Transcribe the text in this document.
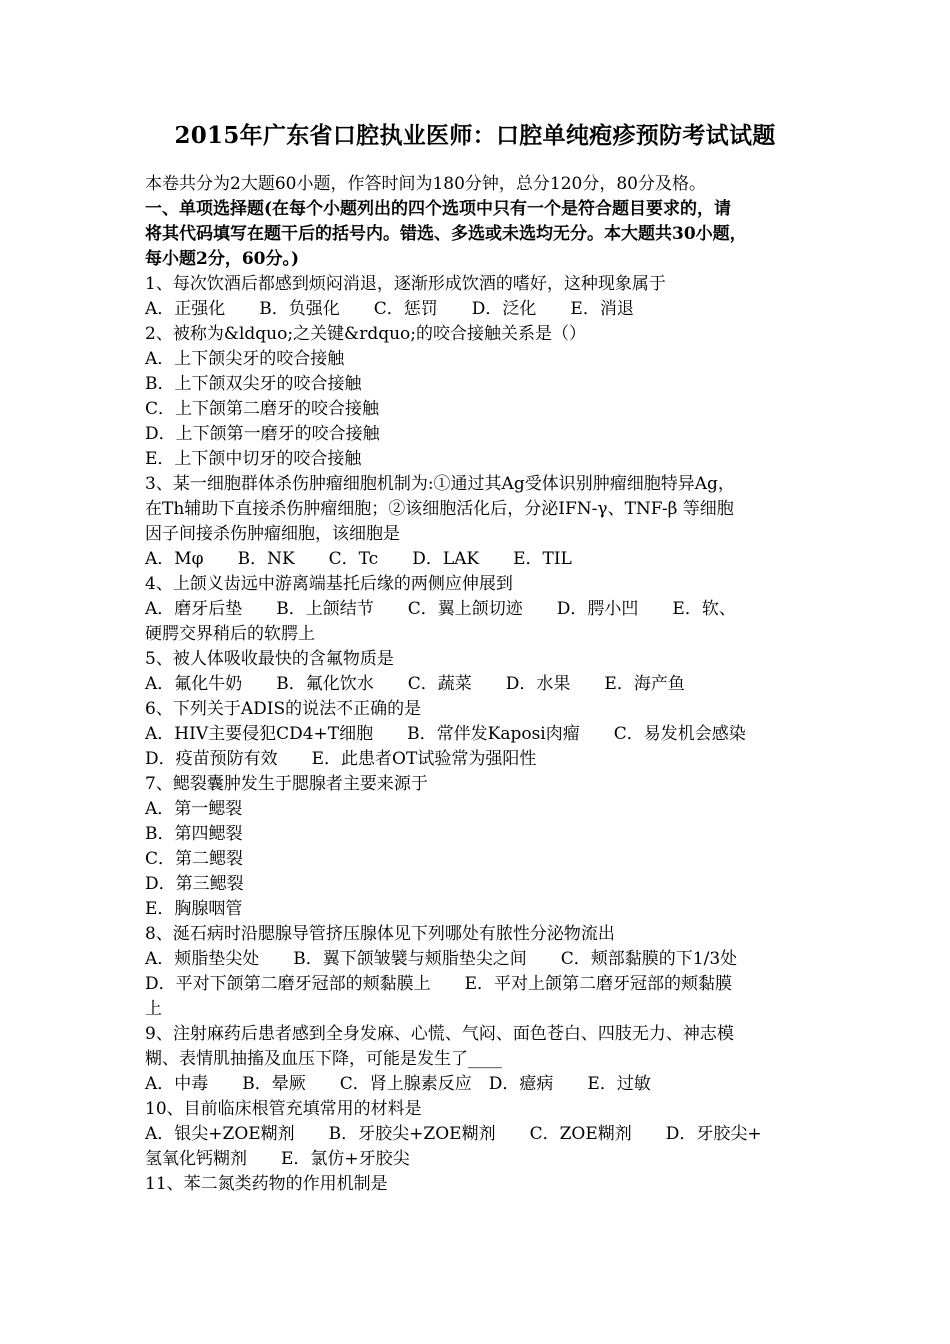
2015年广东省口腔执业医师：口腔单纯疱疹预防考试试题
本卷共分为2大题60小题，作答时间为180分钟，总分120分，80分及格。
一、单项选择题(在每个小题列出的四个选项中只有一个是符合题目要求的，请
将其代码填写在题干后的括号内。错选、多选或未选均无分。本大题共30小题，
每小题2分，60分。)
1、每次饮酒后都感到烦闷消退，逐渐形成饮酒的嗜好，这种现象属于
A．正强化　　B．负强化　　C．惩罚　　D．泛化　　E．消退
2、被称为&ldquo;之关键&rdquo;的咬合接触关系是（）
A．上下颌尖牙的咬合接触
B．上下颌双尖牙的咬合接触
C．上下颌第二磨牙的咬合接触
D．上下颌第一磨牙的咬合接触
E．上下颌中切牙的咬合接触
3、某一细胞群体杀伤肿瘤细胞机制为:①通过其Ag受体识别肿瘤细胞特异Ag，
在Th辅助下直接杀伤肿瘤细胞；②该细胞活化后，分泌IFN-γ、TNF-β 等细胞
因子间接杀伤肿瘤细胞，该细胞是
A．Mφ　　B．NK　　C．Tc　　D．LAK　　E．TIL
4、上颌义齿远中游离端基托后缘的两侧应伸展到
A．磨牙后垫　　B．上颌结节　　C．翼上颌切迹　　D．腭小凹　　E．软、
硬腭交界稍后的软腭上
5、被人体吸收最快的含氟物质是
A．氟化牛奶　　B．氟化饮水　　C．蔬菜　　D．水果　　E．海产鱼
6、下列关于ADIS的说法不正确的是
A．HIV主要侵犯CD4+T细胞　　B．常伴发Kaposi肉瘤　　C．易发机会感染
D．疫苗预防有效　　E．此患者OT试验常为强阳性
7、鳃裂囊肿发生于腮腺者主要来源于
A．第一鳃裂
B．第四鳃裂
C．第二鳃裂
D．第三鳃裂
E．胸腺咽管
8、涎石病时沿腮腺导管挤压腺体见下列哪处有脓性分泌物流出
A．颊脂垫尖处　　B．翼下颌皱襞与颊脂垫尖之间　　C．颊部黏膜的下1/3处
D．平对下颌第二磨牙冠部的颊黏膜上　　E．平对上颌第二磨牙冠部的颊黏膜
上
9、注射麻药后患者感到全身发麻、心慌、气闷、面色苍白、四肢无力、神志模
糊、表情肌抽搐及血压下降，可能是发生了____
A．中毒　　B．晕厥　　C．肾上腺素反应　D．癔病　　E．过敏
10、目前临床根管充填常用的材料是
A．银尖+ZOE糊剂　　B．牙胶尖+ZOE糊剂　　C．ZOE糊剂　　D．牙胶尖+
氢氧化钙糊剂　　E．氯仿+牙胶尖
11、苯二氮类药物的作用机制是
